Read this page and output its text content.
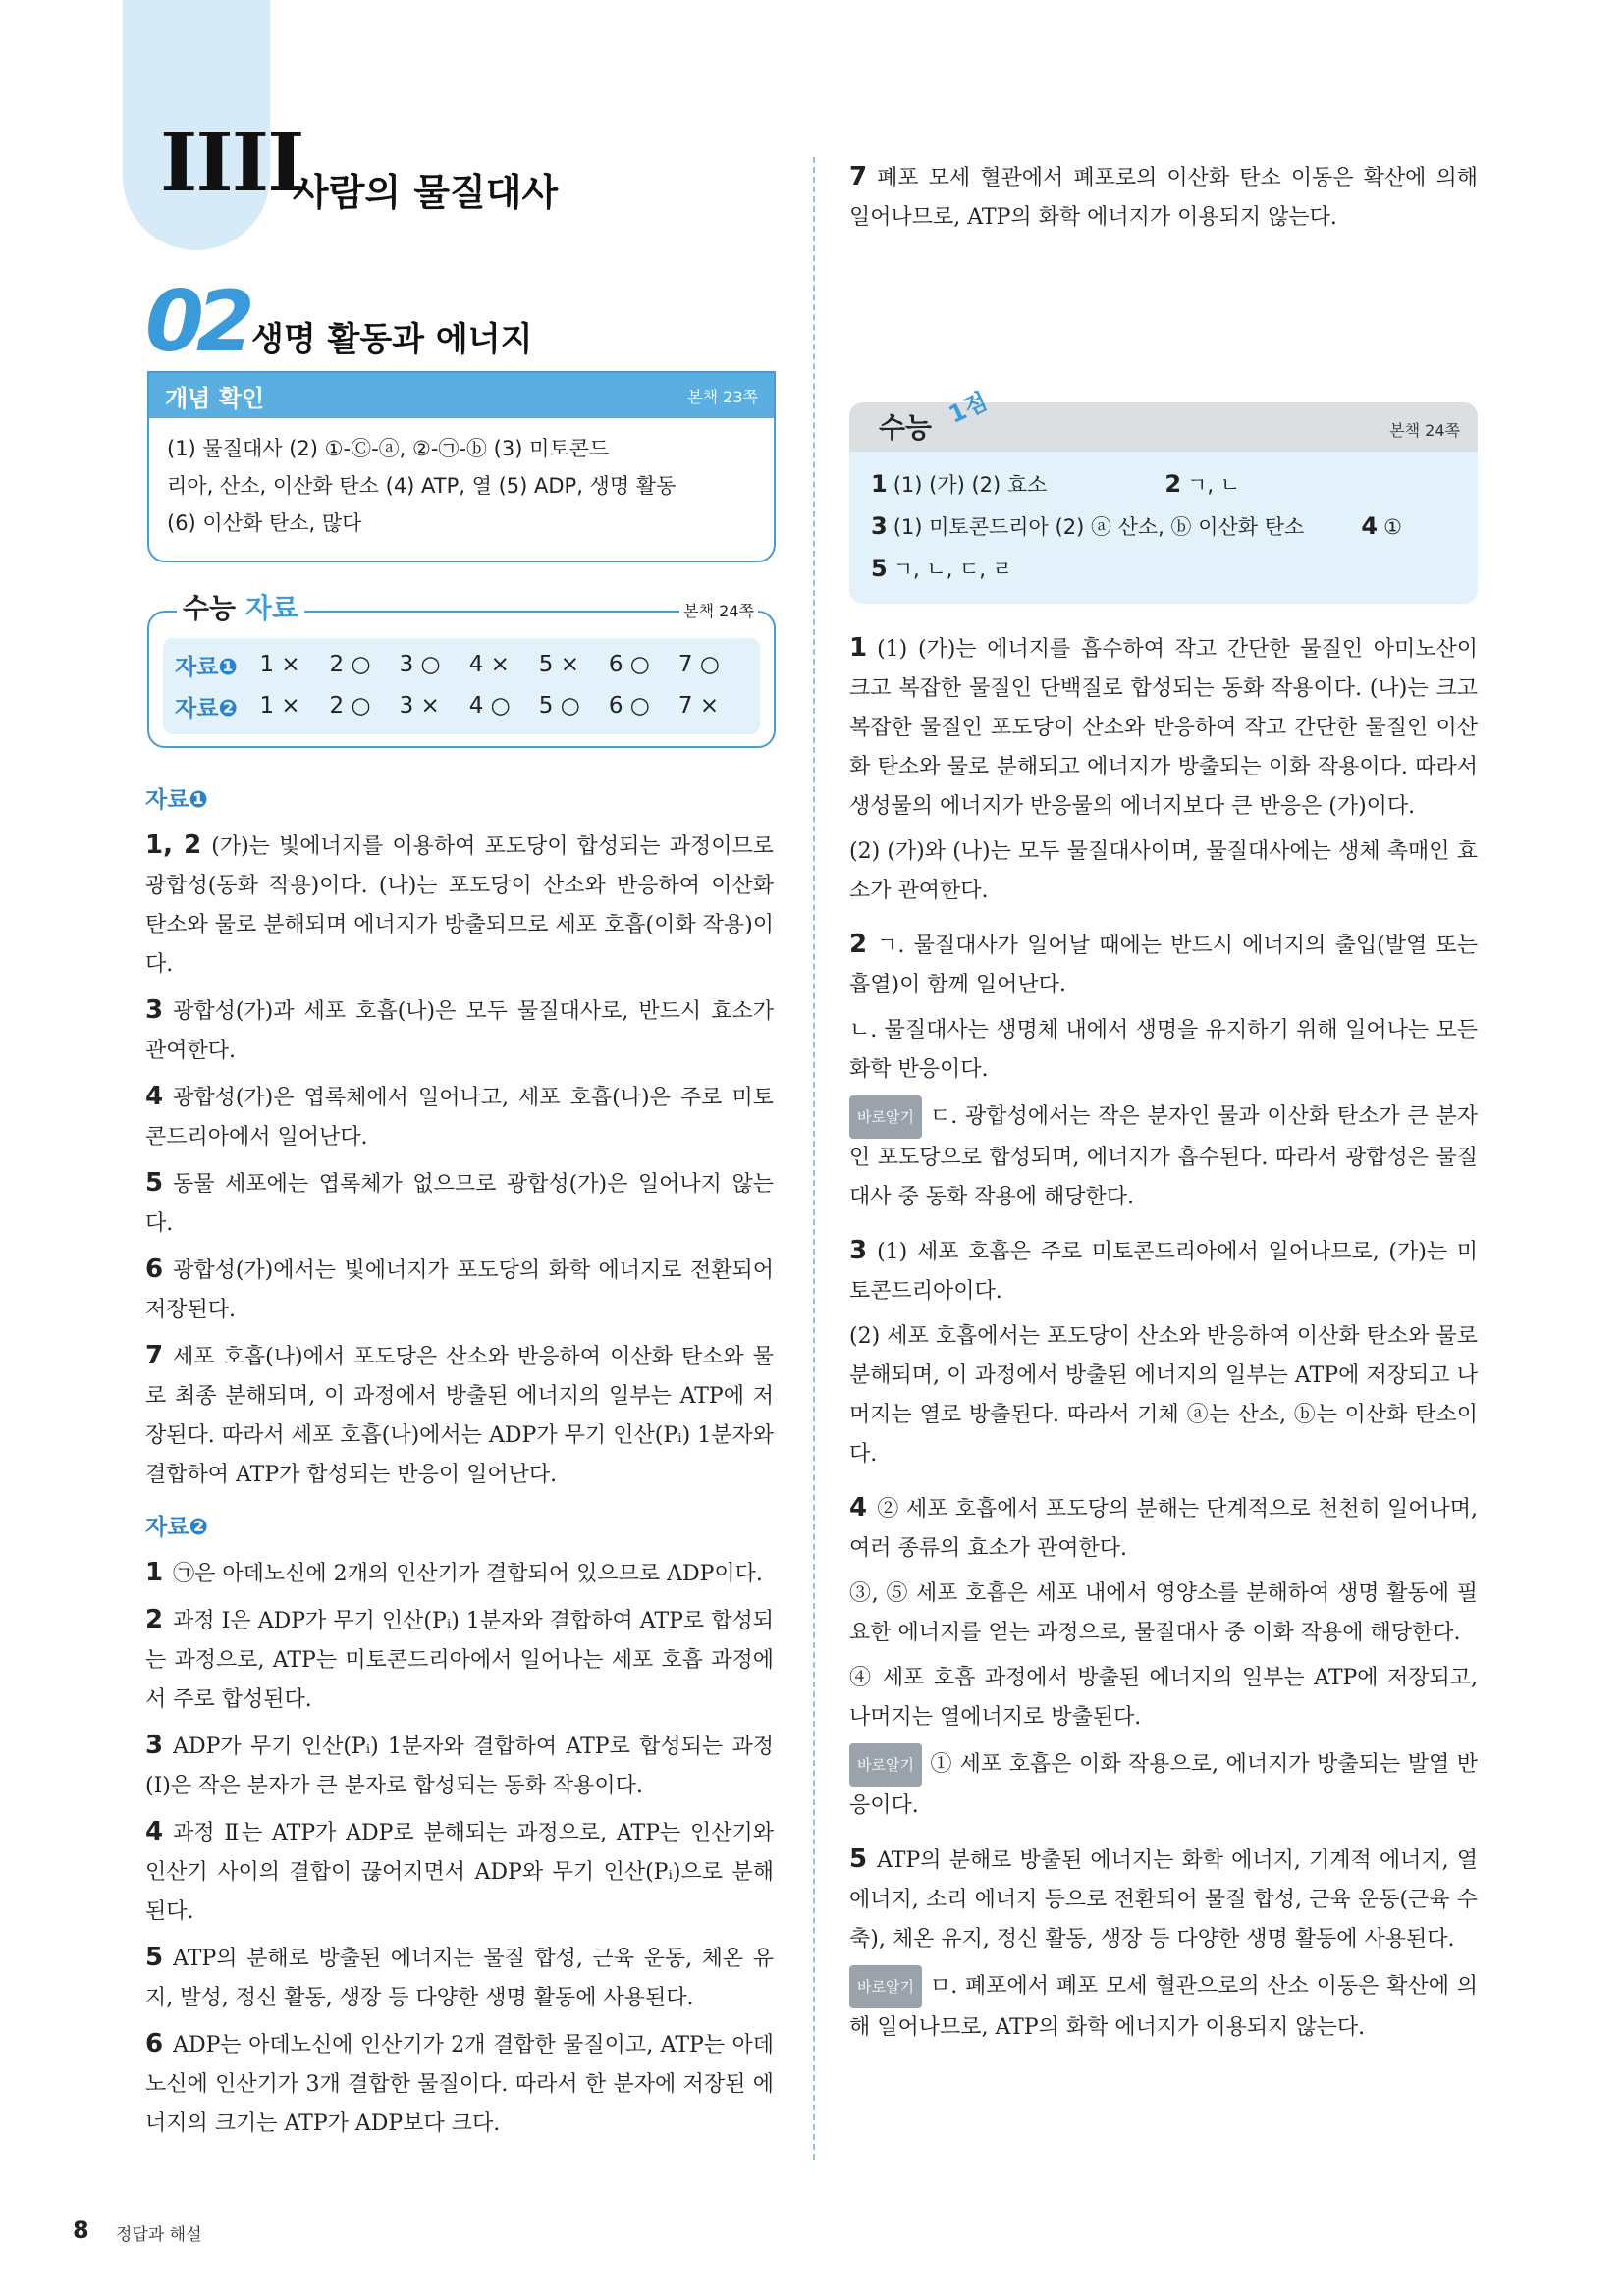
IIII
사람의 물질대사
02 생명 활동과 에너지
개념 확인	본책 23쪽
(1) 물질대사 (2) ①-Ⓒ-ⓐ, ②-㉠-ⓑ (3) 미토콘드
리아, 산소, 이산화 탄소 (4) ATP, 열 (5) ADP, 생명 활동
(6) 이산화 탄소, 많다
수능 자료	본책 24쪽
자료❶ 1 ×	2 ○	3 ○	4 ×	5 ×	6 ○	7 ○
자료❷ 1 ×	2 ○	3 ×	4 ○	5 ○	6 ○	7 ×
자료❶
1, 2 (가)는 빛에너지를 이용하여 포도당이 합성되는 과정이므로 광합성(동화 작용)이다. (나)는 포도당이 산소와 반응하여 이산화 탄소와 물로 분해되며 에너지가 방출되므로 세포 호흡(이화 작용)이다.
3 광합성(가)과 세포 호흡(나)은 모두 물질대사로, 반드시 효소가 관여한다.
4 광합성(가)은 엽록체에서 일어나고, 세포 호흡(나)은 주로 미토콘드리아에서 일어난다.
5 동물 세포에는 엽록체가 없으므로 광합성(가)은 일어나지 않는다.
6 광합성(가)에서는 빛에너지가 포도당의 화학 에너지로 전환되어 저장된다.
7 세포 호흡(나)에서 포도당은 산소와 반응하여 이산화 탄소와 물로 최종 분해되며, 이 과정에서 방출된 에너지의 일부는 ATP에 저장된다. 따라서 세포 호흡(나)에서는 ADP가 무기 인산(Pᵢ) 1분자와 결합하여 ATP가 합성되는 반응이 일어난다.
자료❷
1 ㉠은 아데노신에 2개의 인산기가 결합되어 있으므로 ADP이다.
2 과정 Ⅰ은 ADP가 무기 인산(Pᵢ) 1분자와 결합하여 ATP로 합성되는 과정으로, ATP는 미토콘드리아에서 일어나는 세포 호흡 과정에서 주로 합성된다.
3 ADP가 무기 인산(Pᵢ) 1분자와 결합하여 ATP로 합성되는 과정(Ⅰ)은 작은 분자가 큰 분자로 합성되는 동화 작용이다.
4 과정 Ⅱ는 ATP가 ADP로 분해되는 과정으로, ATP는 인산기와 인산기 사이의 결합이 끊어지면서 ADP와 무기 인산(Pᵢ)으로 분해된다.
5 ATP의 분해로 방출된 에너지는 물질 합성, 근육 운동, 체온 유지, 발성, 정신 활동, 생장 등 다양한 생명 활동에 사용된다.
6 ADP는 아데노신에 인산기가 2개 결합한 물질이고, ATP는 아데노신에 인산기가 3개 결합한 물질이다. 따라서 한 분자에 저장된 에너지의 크기는 ATP가 ADP보다 크다.
7 폐포 모세 혈관에서 폐포로의 이산화 탄소 이동은 확산에 의해 일어나므로, ATP의 화학 에너지가 이용되지 않는다.
수능 1점
본책 24쪽
1 (1) (가) (2) 효소	2 ㄱ, ㄴ
3 (1) 미토콘드리아 (2) ⓐ 산소, ⓑ 이산화 탄소 4 ①
5 ㄱ, ㄴ, ㄷ, ㄹ
1 (1) (가)는 에너지를 흡수하여 작고 간단한 물질인 아미노산이 크고 복잡한 물질인 단백질로 합성되는 동화 작용이다. (나)는 크고 복잡한 물질인 포도당이 산소와 반응하여 작고 간단한 물질인 이산화 탄소와 물로 분해되고 에너지가 방출되는 이화 작용이다. 따라서 생성물의 에너지가 반응물의 에너지보다 큰 반응은 (가)이다.
(2) (가)와 (나)는 모두 물질대사이며, 물질대사에는 생체 촉매인 효소가 관여한다.
2 ㄱ. 물질대사가 일어날 때에는 반드시 에너지의 출입(발열 또는 흡열)이 함께 일어난다.
ㄴ. 물질대사는 생명체 내에서 생명을 유지하기 위해 일어나는 모든 화학 반응이다.
바로알기 ㄷ. 광합성에서는 작은 분자인 물과 이산화 탄소가 큰 분자인 포도당으로 합성되며, 에너지가 흡수된다. 따라서 광합성은 물질대사 중 동화 작용에 해당한다.
3 (1) 세포 호흡은 주로 미토콘드리아에서 일어나므로, (가)는 미토콘드리아이다.
(2) 세포 호흡에서는 포도당이 산소와 반응하여 이산화 탄소와 물로 분해되며, 이 과정에서 방출된 에너지의 일부는 ATP에 저장되고 나머지는 열로 방출된다. 따라서 기체 ⓐ는 산소, ⓑ는 이산화 탄소이다.
4 ② 세포 호흡에서 포도당의 분해는 단계적으로 천천히 일어나며, 여러 종류의 효소가 관여한다.
③, ⑤ 세포 호흡은 세포 내에서 영양소를 분해하여 생명 활동에 필요한 에너지를 얻는 과정으로, 물질대사 중 이화 작용에 해당한다.
④ 세포 호흡 과정에서 방출된 에너지의 일부는 ATP에 저장되고, 나머지는 열에너지로 방출된다.
바로알기 ① 세포 호흡은 이화 작용으로, 에너지가 방출되는 발열 반응이다.
5 ATP의 분해로 방출된 에너지는 화학 에너지, 기계적 에너지, 열에너지, 소리 에너지 등으로 전환되어 물질 합성, 근육 운동(근육 수축), 체온 유지, 정신 활동, 생장 등 다양한 생명 활동에 사용된다.
바로알기 ㅁ. 폐포에서 폐포 모세 혈관으로의 산소 이동은 확산에 의해 일어나므로, ATP의 화학 에너지가 이용되지 않는다.
8 정답과 해설
